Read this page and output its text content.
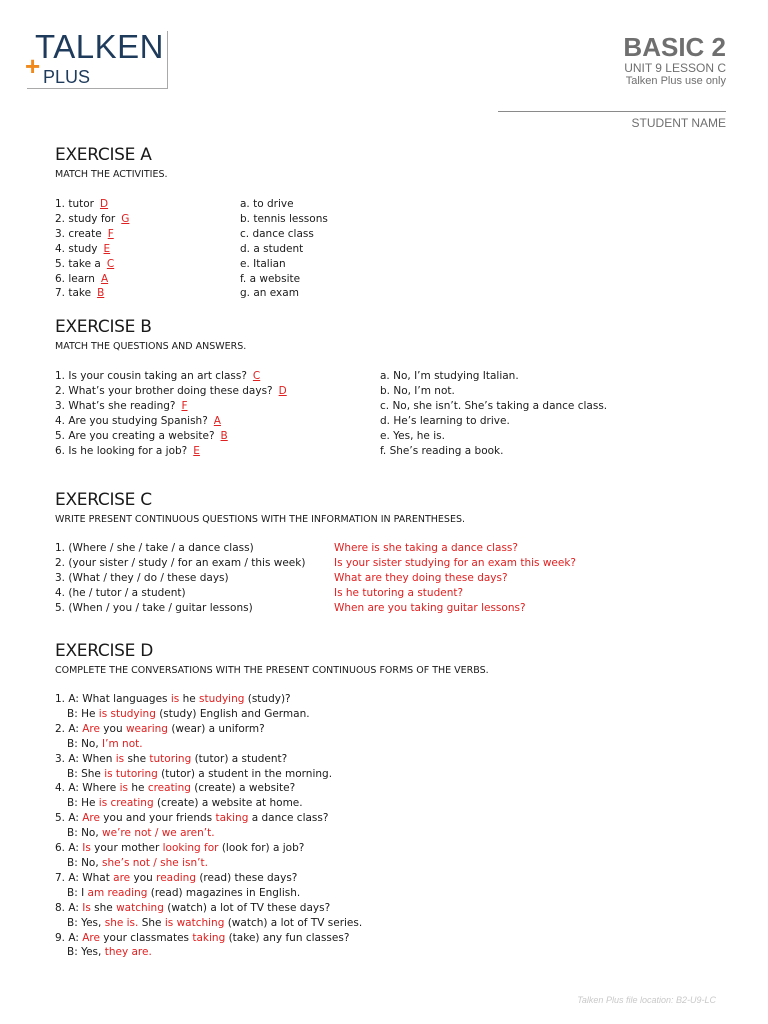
TALKEN
+ PLUS
BASIC 2
UNIT 9 LESSON C
Talken Plus use only
STUDENT NAME
EXERCISE A
MATCH THE ACTIVITIES.
1. tutor D
2. study for G
3. create F
4. study E
5. take a C
6. learn A
7. take B
a. to drive
b. tennis lessons
c. dance class
d. a student
e. Italian
f. a website
g. an exam
EXERCISE B
MATCH THE QUESTIONS AND ANSWERS.
1. Is your cousin taking an art class? C
2. What’s your brother doing these days? D
3. What’s she reading? F
4. Are you studying Spanish? A
5. Are you creating a website? B
6. Is he looking for a job? E
a. No, I’m studying Italian.
b. No, I’m not.
c. No, she isn’t. She’s taking a dance class.
d. He’s learning to drive.
e. Yes, he is.
f. She’s reading a book.
EXERCISE C
WRITE PRESENT CONTINUOUS QUESTIONS WITH THE INFORMATION IN PARENTHESES.
1. (Where / she / take / a dance class)
2. (your sister / study / for an exam / this week)
3. (What / they / do / these days)
4. (he / tutor / a student)
5. (When / you / take / guitar lessons)
Where is she taking a dance class?
Is your sister studying for an exam this week?
What are they doing these days?
Is he tutoring a student?
When are you taking guitar lessons?
EXERCISE D
COMPLETE THE CONVERSATIONS WITH THE PRESENT CONTINUOUS FORMS OF THE VERBS.
1. A: What languages is he studying (study)?
B: He is studying (study) English and German.
2. A: Are you wearing (wear) a uniform?
B: No, I’m not.
3. A: When is she tutoring (tutor) a student?
B: She is tutoring (tutor) a student in the morning.
4. A: Where is he creating (create) a website?
B: He is creating (create) a website at home.
5. A: Are you and your friends taking a dance class?
B: No, we’re not / we aren’t.
6. A: Is your mother looking for (look for) a job?
B: No, she’s not / she isn’t.
7. A: What are you reading (read) these days?
B: I am reading (read) magazines in English.
8. A: Is she watching (watch) a lot of TV these days?
B: Yes, she is. She is watching (watch) a lot of TV series.
9. A: Are your classmates taking (take) any fun classes?
B: Yes, they are.
Talken Plus file location: B2-U9-LC
